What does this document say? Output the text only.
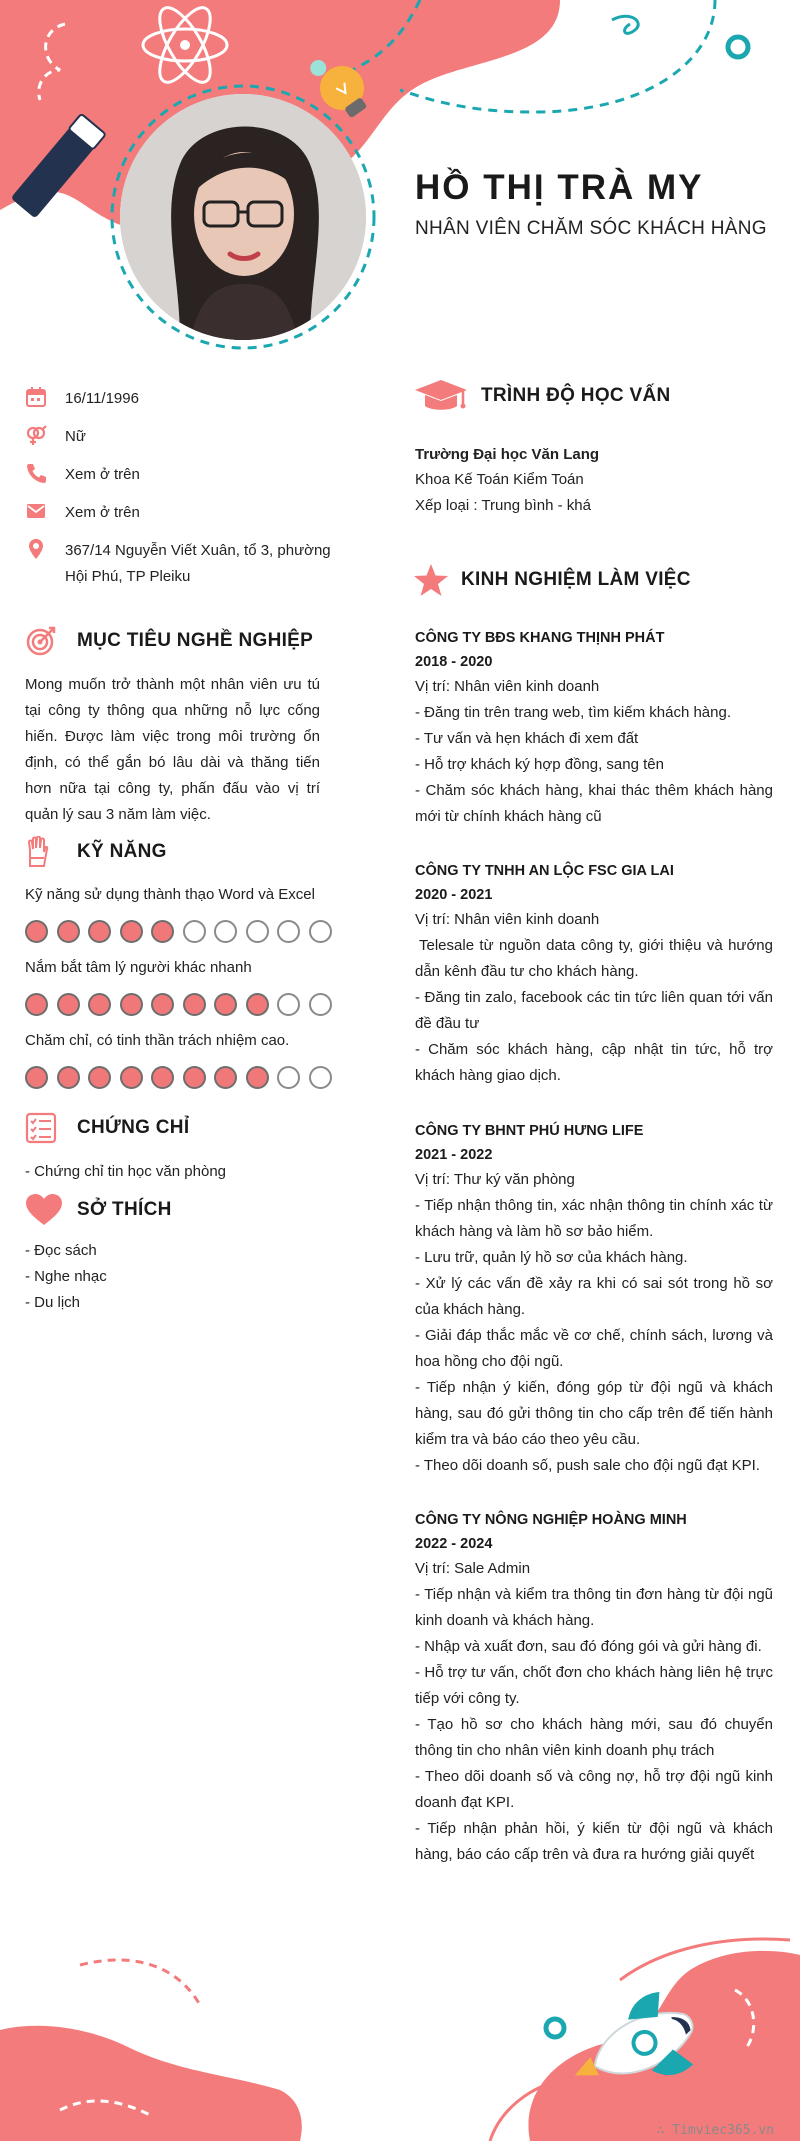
HỒ THỊ TRÀ MY
NHÂN VIÊN CHĂM SÓC KHÁCH HÀNG
16/11/1996
Nữ
Xem ở trên
Xem ở trên
367/14 Nguyễn Viết Xuân, tổ 3, phường Hội Phú, TP Pleiku
MỤC TIÊU NGHỀ NGHIỆP
Mong muốn trở thành một nhân viên ưu tú tại công ty thông qua những nỗ lực cống hiến. Được làm việc trong môi trường ổn định, có thể gắn bó lâu dài và thăng tiến hơn nữa tại công ty, phấn đấu vào vị trí quản lý sau 3 năm làm việc.
KỸ NĂNG
Kỹ năng sử dụng thành thạo Word và Excel
Nắm bắt tâm lý người khác nhanh
Chăm chỉ, có tinh thần trách nhiệm cao.
CHỨNG CHỈ
- Chứng chỉ tin học văn phòng
SỞ THÍCH
- Đọc sách
- Nghe nhạc
- Du lịch
TRÌNH ĐỘ HỌC VẤN
Trường Đại học Văn Lang
Khoa Kế Toán Kiểm Toán
Xếp loại : Trung bình - khá
KINH NGHIỆM LÀM VIỆC
CÔNG TY BĐS KHANG THỊNH PHÁT
2018 - 2020
Vị trí: Nhân viên kinh doanh
- Đăng tin trên trang web, tìm kiếm khách hàng.
- Tư vấn và hẹn khách đi xem đất
- Hỗ trợ khách ký hợp đồng, sang tên
- Chăm sóc khách hàng, khai thác thêm khách hàng mới từ chính khách hàng cũ
CÔNG TY TNHH AN LỘC FSC GIA LAI
2020 - 2021
Vị trí: Nhân viên kinh doanh
Telesale từ nguồn data công ty, giới thiệu và hướng dẫn kênh đầu tư cho khách hàng.
- Đăng tin zalo, facebook các tin tức liên quan tới vấn đề đầu tư
- Chăm sóc khách hàng, cập nhật tin tức, hỗ trợ khách hàng giao dịch.
CÔNG TY BHNT PHÚ HƯNG LIFE
2021 - 2022
Vị trí: Thư ký văn phòng
- Tiếp nhận thông tin, xác nhận thông tin chính xác từ khách hàng và làm hồ sơ bảo hiểm.
- Lưu trữ, quản lý hồ sơ của khách hàng.
- Xử lý các vấn đề xảy ra khi có sai sót trong hồ sơ của khách hàng.
- Giải đáp thắc mắc về cơ chế, chính sách, lương và hoa hồng cho đội ngũ.
- Tiếp nhận ý kiến, đóng góp từ đội ngũ và khách hàng, sau đó gửi thông tin cho cấp trên để tiến hành kiểm tra và báo cáo theo yêu cầu.
- Theo dõi doanh số, push sale cho đội ngũ đạt KPI.
CÔNG TY NÔNG NGHIỆP HOÀNG MINH
2022 - 2024
Vị trí: Sale Admin
- Tiếp nhận và kiểm tra thông tin đơn hàng từ đội ngũ kinh doanh và khách hàng.
- Nhập và xuất đơn, sau đó đóng gói và gửi hàng đi.
- Hỗ trợ tư vấn, chốt đơn cho khách hàng liên hệ trực tiếp với công ty.
- Tạo hồ sơ cho khách hàng mới, sau đó chuyển thông tin cho nhân viên kinh doanh phụ trách
- Theo dõi doanh số và công nợ, hỗ trợ đội ngũ kinh doanh đạt KPI.
- Tiếp nhận phản hồi, ý kiến từ đội ngũ và khách hàng, báo cáo cấp trên và đưa ra hướng giải quyết
∴ Timviec365.vn
